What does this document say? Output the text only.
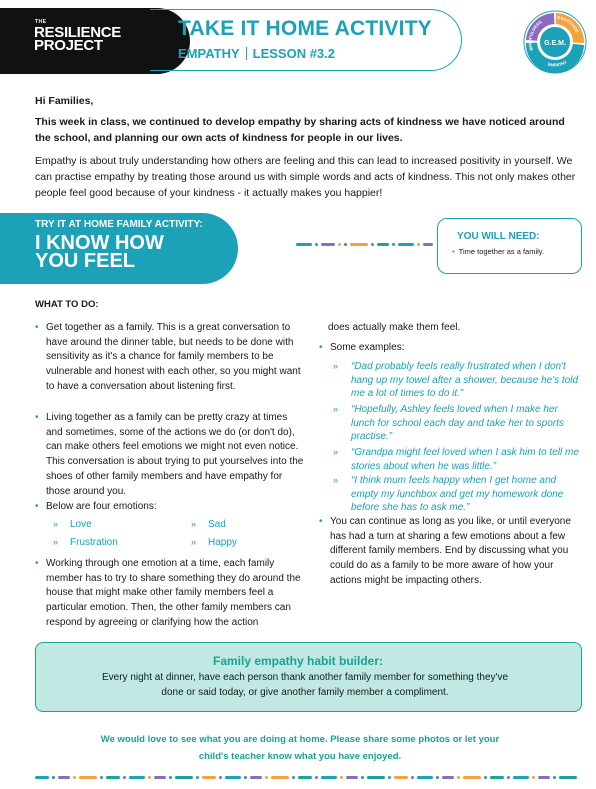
THE
RESILIENCE
PROJECT
TAKE IT HOME ACTIVITY
EMPATHY LESSON #3.2
G.E.M.
MINDFULNESS
GRATITUDE
EMPATHY
Hi Families,
This week in class, we continued to develop empathy by sharing acts of kindness we have noticed around the school, and planning our own acts of kindness for people in our lives.
Empathy is about truly understanding how others are feeling and this can lead to increased positivity in yourself. We can practise empathy by treating those around us with simple words and acts of kindness. This not only makes other people feel good because of your kindness - it actually makes you happier!
TRY IT AT HOME FAMILY ACTIVITY:
I KNOW HOW
YOU FEEL
YOU WILL NEED:
• Time together as a family.
WHAT TO DO:
• Get together as a family. This is a great conversation to have around the dinner table, but needs to be done with sensitivity as it's a chance for family members to be vulnerable and honest with each other, so you might want to have a conversation about listening first.
• Living together as a family can be pretty crazy at times and sometimes, some of the actions we do (or don't do), can make others feel emotions we might not even notice. This conversation is about trying to put yourselves into the shoes of other family members and have empathy for those around you.
• Below are four emotions:
» Love	» Sad
» Frustration	» Happy
• Working through one emotion at a time, each family member has to try to share something they do around the house that might make other family members feel a particular emotion. Then, the other family members can respond by agreeing or clarifying how the action
does actually make them feel.
• Some examples:
» “Dad probably feels really frustrated when I don't hang up my towel after a shower, because he's told me a lot of times to do it.”
» “Hopefully, Ashley feels loved when I make her lunch for school each day and take her to sports practise.”
» “Grandpa might feel loved when I ask him to tell me stories about when he was little.”
» “I think mum feels happy when I get home and empty my lunchbox and get my homework done before she has to ask me.”
• You can continue as long as you like, or until everyone has had a turn at sharing a few emotions about a few different family members. End by discussing what you could do as a family to be more aware of how your actions might be impacting others.
Family empathy habit builder:
Every night at dinner, have each person thank another family member for something they've done or said today, or give another family member a compliment.
We would love to see what you are doing at home. Please share some photos or let your child's teacher know what you have enjoyed.
